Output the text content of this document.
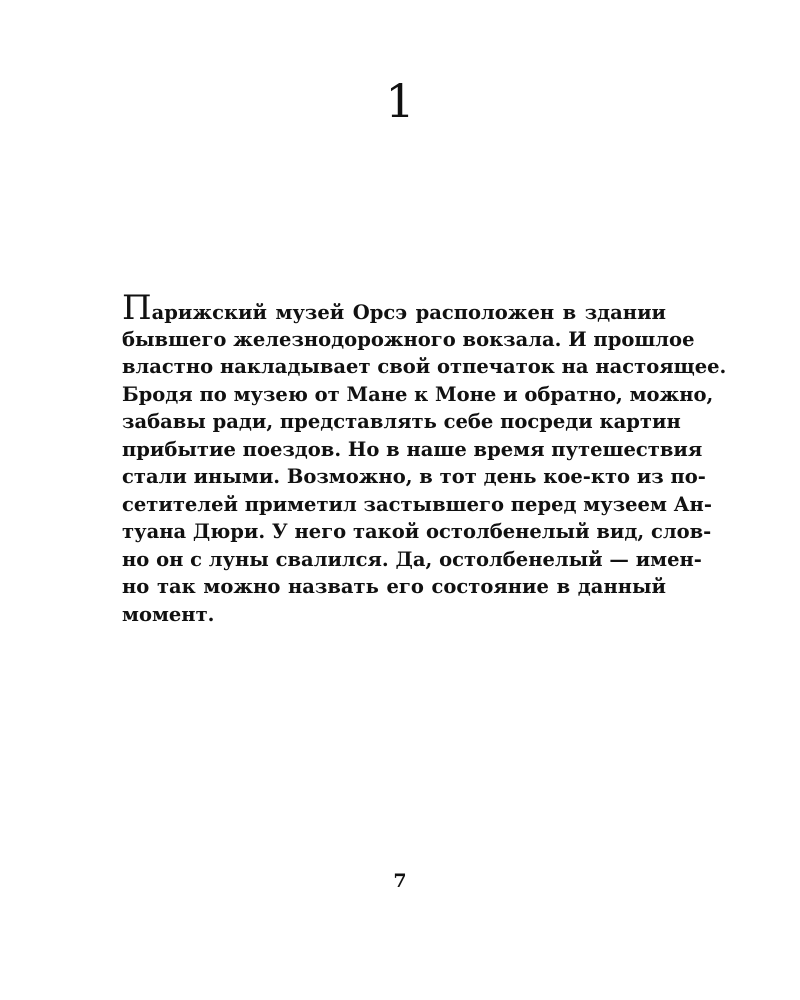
1
Парижский музей Орсэ расположен в здании
бывшего железнодорожного вокзала. И прошлое
властно накладывает свой отпечаток на настоящее.
Бродя по музею от Мане к Моне и обратно, можно,
забавы ради, представлять себе посреди картин
прибытие поездов. Но в наше время путешествия
стали иными. Возможно, в тот день кое-кто из по-
сетителей приметил застывшего перед музеем Ан-
туана Дюри. У него такой остолбенелый вид, слов-
но он с луны свалился. Да, остолбенелый — имен-
но так можно назвать его состояние в данный
момент.
7
